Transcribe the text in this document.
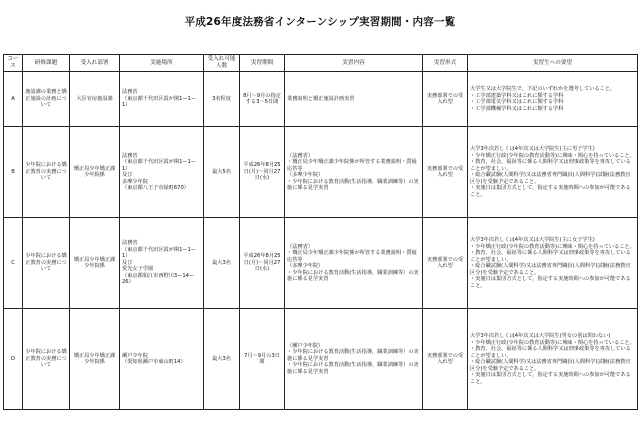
平成26年度法務省インターンシップ実習期間・内容一覧
コース	研修課題	受入れ部署	実施場所	受入れ可能人数	実習期間	実習内容	実習形式	実習生への要望
A	施設課の業務と矯正施設の計画について	大臣官房施設課	法務省
（東京都千代田区霞が関1ー1ー1）	3名程度	8月〜9月の指定する3〜5日間	業務説明と矯正施設計画実習	実務部署での受入れ型	大学生又は大学院生で，下記のいずれかを選考していること。
・工学部建築学科又はこれに類する学科
・工学部電気学科又はこれに類する学科
・工学部機械学科又はこれに類する学科
B	少年院における矯正教育の実務について	矯正局少年矯正課少年院係	法務省
（東京都千代田区霞が関1ー1ー1）
及び
多摩少年院
（東京都八王子市緑町670）	最大5名	平成26年8月25日(月)〜同月27日(水)	（法務省）
・矯正局少年矯正課少年院係が所管する業務説明・質疑応答等
（多摩少年院）
・少年院における教育活動(生活指導，職業訓練等）の実施に係る見学実習	実務部署での受入れ型	大学3年次若しくは4年次又は大学院生(主に男子学生)
・少年矯正行政(少年院の教育活動等)に興味・関心を持っていること。
・教育，社会，福祉等に係る人間科学又は刑事政策等を専攻していることが望ましい。
・総合職試験(人間科学)又は法務省専門職員(人間科学)試験(法務教官区分)を受験予定であること。
・実施日は集団方式として，指定する実施時間への参加が可能であること。
C	少年院における矯正教育の実務について	矯正局少年矯正課少年院係	法務省
（東京都千代田区霞が関1ー1ー1）
及び
愛光女子学園
（東京都狛江市西野川3ー14ー26）	最大3名	平成26年8月25日(月)〜同月27日(水)	（法務省）
・矯正局少年矯正課少年院係が所管する業務説明・質疑応答等
（多摩少年院）
・少年院における教育活動(生活指導，職業訓練等）の実施に係る見学実習	実務部署での受入れ型	大学3年次若しくは4年次又は大学院生(主に女子学生)
・少年矯正行政(少年院の教育活動等)に興味・関心を持っていること。
・教育，社会，福祉等に係る人間科学又は刑事政策等を専攻していることが望ましい。
・総合職試験(人間科学)又は法務省専門職員(人間科学)試験(法務教官区分)を受験予定であること。
・実施日は集団方式として，指定する実施時間への参加が可能であること。
D	少年院における矯正教育の実務について	矯正局少年矯正課少年院係	瀬戸少年院
（愛知県瀬戸市東山町14）	最大3名	7月〜9月の3日間	（瀬戸少年院）
・少年院における教育活動(生活指導，職業訓練等）の実施に係る見学実習
・少年院における教育活動(生活指導，職業訓練等）の実施に係る見学実習	実務部署での受入れ型	大学3年次若しくは4年次又は大学院生(男女の別は問わない)
・少年矯正行政(少年院の教育活動等)に興味・関心を持っていること。
・教育，社会，福祉等に係る人間科学又は刑事政策等を専攻していることが望ましい。
・総合職試験(人間科学)又は法務省専門職員(人間科学)試験(法務教官区分)を受験予定であること。
・実施日は集団方式として，指定する実施時間への参加が可能であること。
